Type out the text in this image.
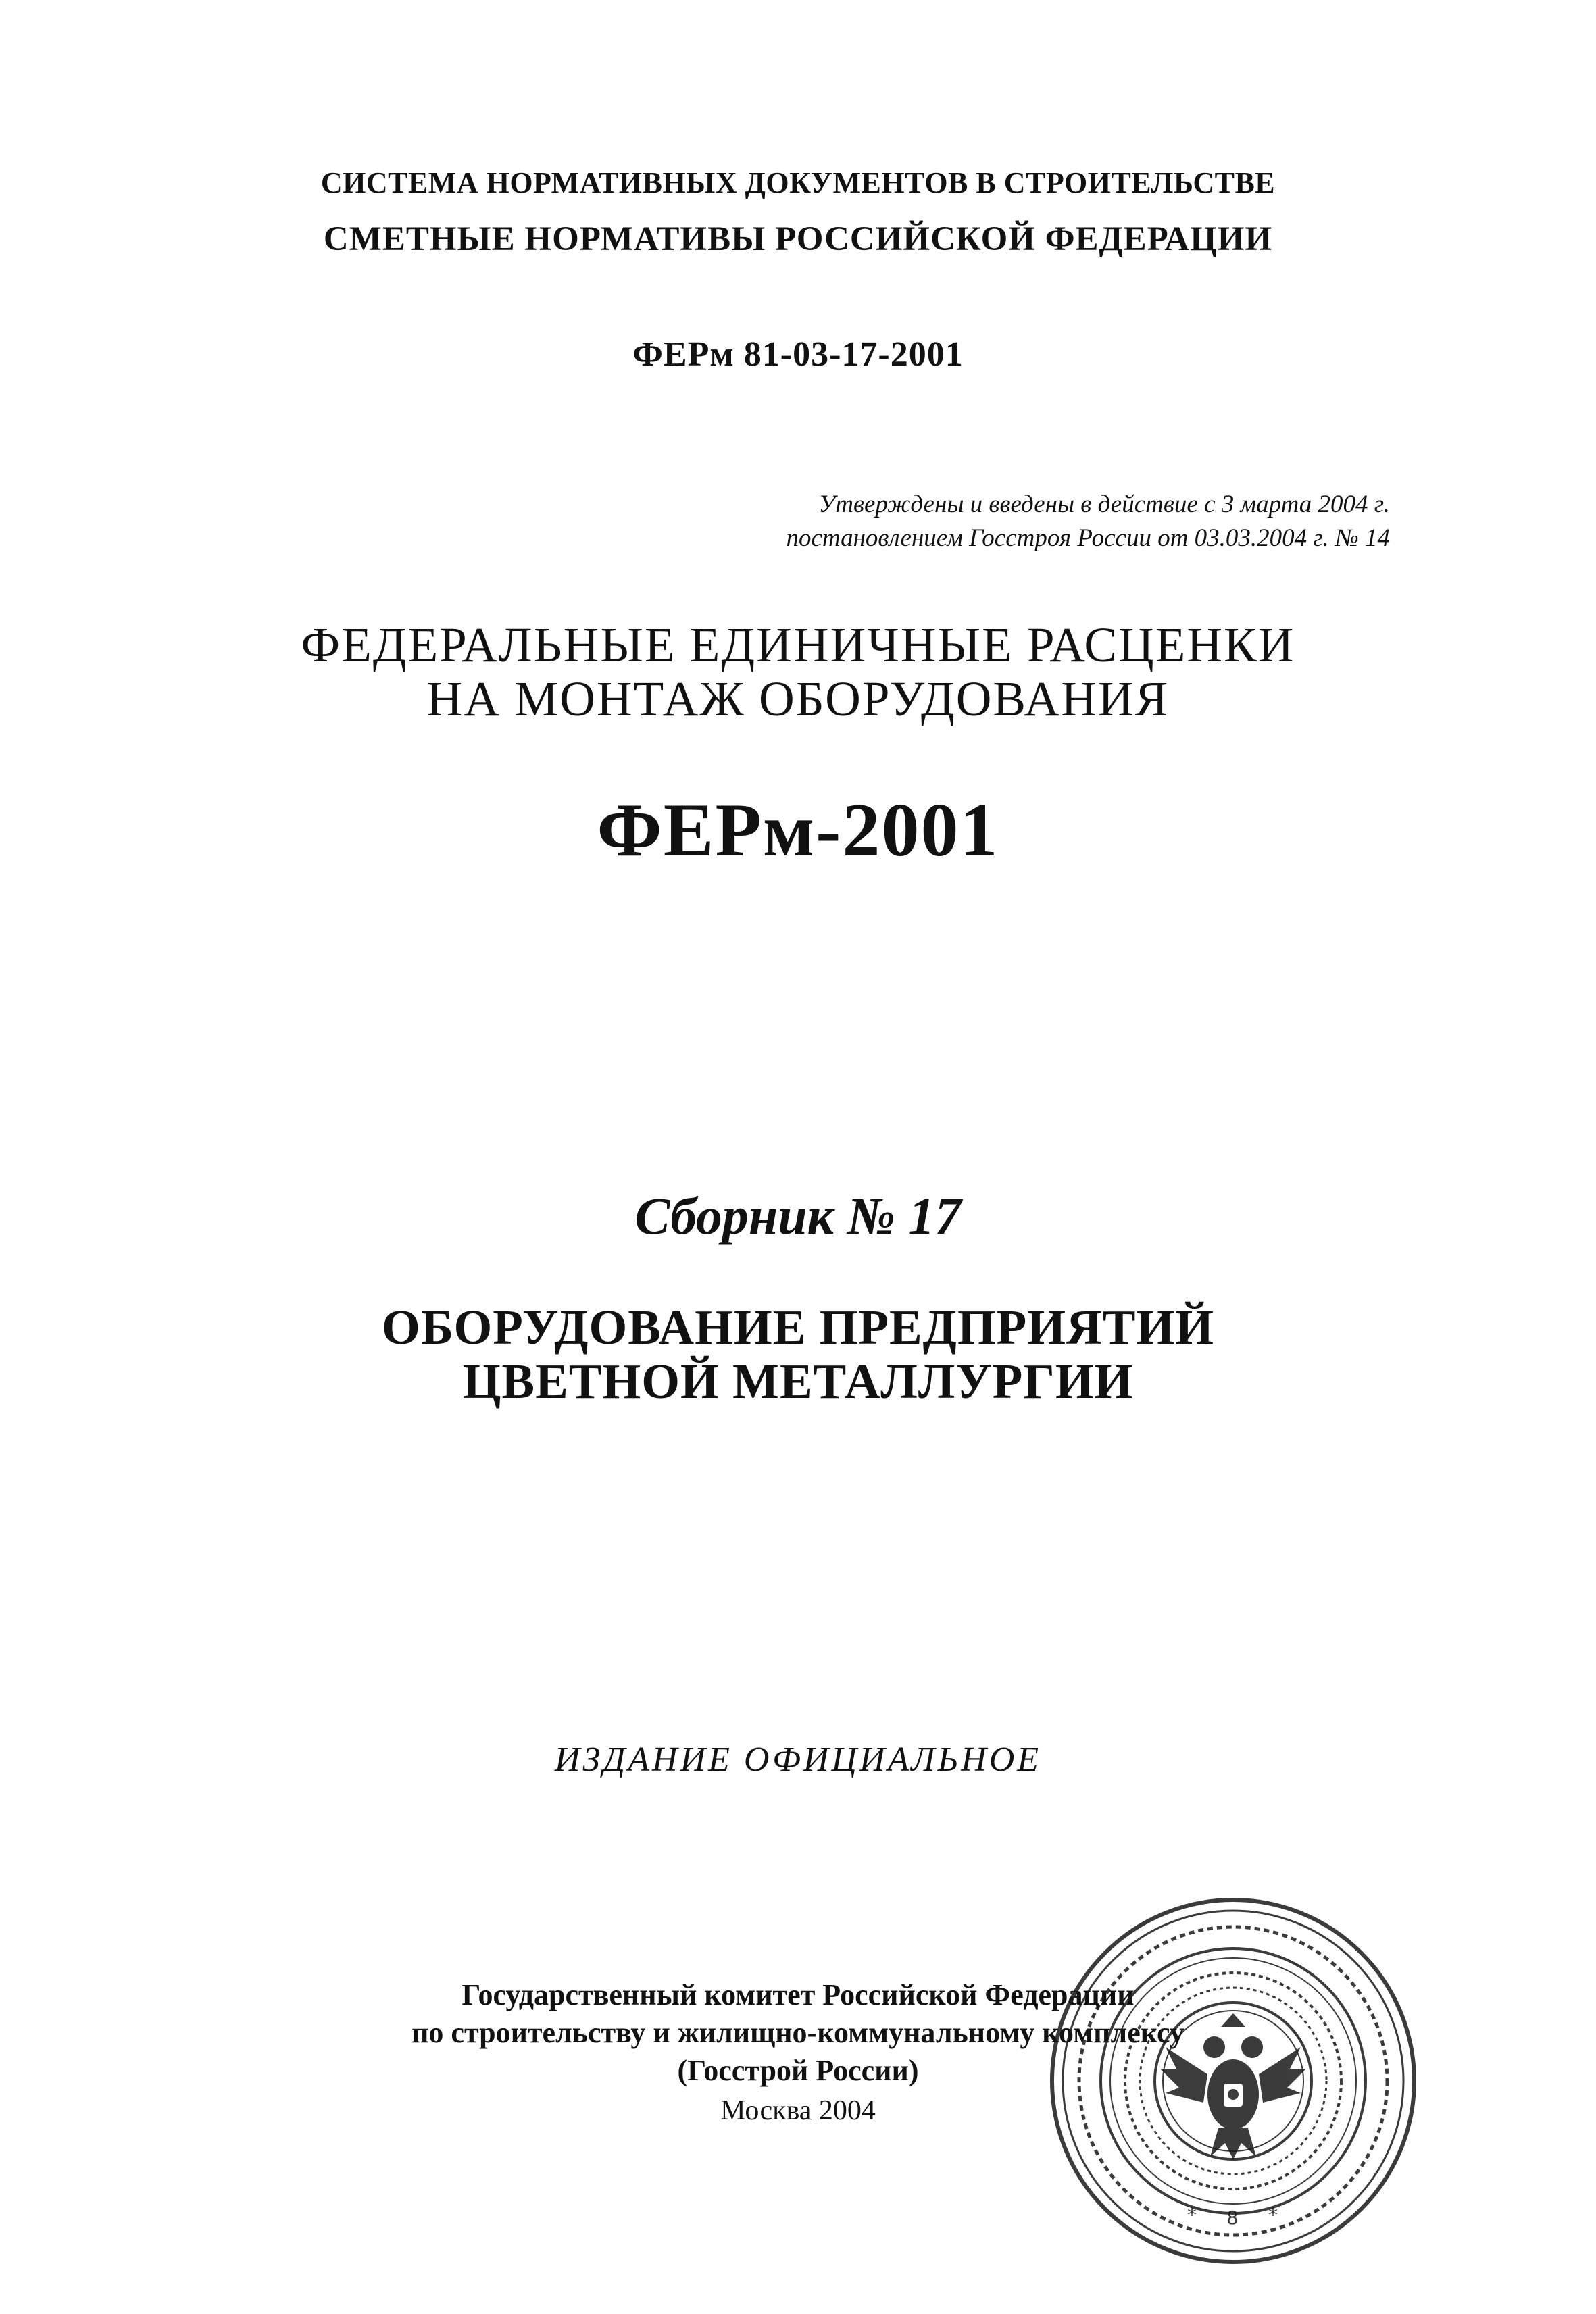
СИСТЕМА НОРМАТИВНЫХ ДОКУМЕНТОВ В СТРОИТЕЛЬСТВЕ
СМЕТНЫЕ НОРМАТИВЫ РОССИЙСКОЙ ФЕДЕРАЦИИ
ФЕРм 81-03-17-2001
Утверждены и введены в действие с 3 марта 2004 г.
постановлением Госстроя России от 03.03.2004 г. № 14
ФЕДЕРАЛЬНЫЕ ЕДИНИЧНЫЕ РАСЦЕНКИ
НА МОНТАЖ ОБОРУДОВАНИЯ
ФЕРм-2001
Сборник № 17
ОБОРУДОВАНИЕ ПРЕДПРИЯТИЙ
ЦВЕТНОЙ МЕТАЛЛУРГИИ
ИЗДАНИЕ ОФИЦИАЛЬНОЕ
Государственный комитет Российской Федерации
по строительству и жилищно-коммунальному комплексу
(Госстрой России)
Москва 2004
* 8 *
